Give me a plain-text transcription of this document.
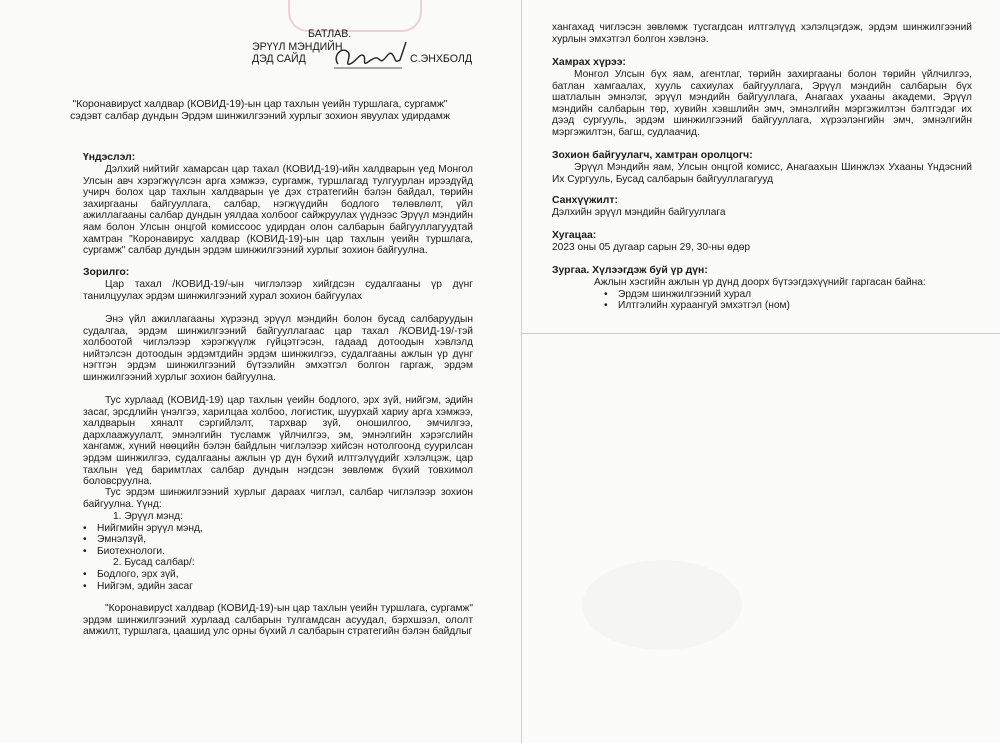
БАТЛАВ.
ЭРҮҮЛ МЭНДИЙН
ДЭД САЙД	С.ЭНХБОЛД
"Коронавирусt халдвар (КОВИД-19)-ын цар тахлын үеийн туршлага, сургамж"
сэдэвт салбар дундын Эрдэм шинжилгээний хурлыг зохион явуулах удирдамж

Үндэслэл:

Дэлхий нийтийг хамарсан цар тахал (КОВИД-19)-ийн халдварын үед Монгол Улсын авч хэрэгжүүлсэн арга хэмжээ, сургамж, туршлагад тулгуурлан ирээдүйд учирч болох цар тахлын халдварын үе дэх стратегийн бэлэн байдал, төрийн захиргааны байгууллага, салбар, нэгжүүдийн бодлого төлөвлөлт, үйл ажиллагааны салбар дундын уялдаа холбоог сайжруулах үүднээс Эрүүл мэндийн яам болон Улсын онцгой комиссоос удирдан олон салбарын байгууллагуудтай хамтран "Коронавирус халдвар (КОВИД-19)-ын цар тахлын үеийн туршлага, сургамж" салбар дундын эрдэм шинжилгээний хурлыг зохион байгуулна.

Зорилго:

Цар тахал /КОВИД-19/-ын чиглэлээр хийгдсэн судалгааны үр дүнг танилцуулах эрдэм шинжилгээний хурал зохион байгуулах

Энэ үйл ажиллагааны хүрээнд эрүүл мэндийн болон бусад салбаруудын судалгаа, эрдэм шинжилгээний байгууллагаас цар тахал /КОВИД-19/-тэй холбоотой чиглэлээр хэрэгжүүлж гүйцэтгэсэн, гадаад дотоодын хэвлэлд нийтэлсэн дотоодын эрдэмтдийн эрдэм шинжилгээ, судалгааны ажлын үр дүнг нэгтгэн эрдэм шинжилгээний бүтээлийн эмхэтгэл болгон гаргаж, эрдэм шинжилгээний хурлыг зохион байгуулна.

Тус хурлаад (КОВИД-19) цар тахлын үеийн бодлого, эрх зүй, нийгэм, эдийн засаг, эрсдлийн үнэлгээ, харилцаа холбоо, логистик, шуурхай хариу арга хэмжээ, халдварын хяналт сэргийлэлт, тархвар зүй, оношилгоо, эмчилгээ, дархлаажуулалт, эмнэлгийн тусламж үйлчилгээ, эм, эмнэлгийн хэрэгслийн хангамж, хүний нөөцийн бэлэн байдлын чиглэлээр хийсэн нотолгоонд суурилсан эрдэм шинжилгээ, судалгааны ажлын үр дүн бүхий илтгэлүүдийг хэлэлцэж, цар тахлын үед баримтлах салбар дундын нэгдсэн зөвлөмж бүхий товхимол боловсруулна.

Тус эрдэм шинжилгээний хурлыг дараах чиглэл, салбар чиглэлээр зохион байгуулна. Үүнд:

1. Эрүүл мэнд:
• Нийгмийн эрүүл мэнд,
• Эмнэлзүй,
• Биотехнологи.
2. Бусад салбар/:
• Бодлого, эрх зүй,
• Нийгэм, эдийн засаг

"Коронавирусt халдвар (КОВИД-19)-ын цар тахлын үеийн туршлага, сургамж" эрдэм шинжилгээний хурлаад салбарын тулгамдсан асуудал, бэрхшээл, ололт амжилт, туршлага, цаашид улс орны бүхий л салбарын стратегийн бэлэн байдлыг

хангахад чиглэсэн зөвлөмж тусгагдсан илтгэлүүд хэлэлцэгдэж, эрдэм шинжилгээний хурлын эмхэтгэл болгон хэвлэнэ.

Хамрах хүрээ:

Монгол Улсын бүх яам, агентлаг, төрийн захиргааны болон төрийн үйлчилгээ, батлан хамгаалах, хууль сахиулах байгууллага, Эрүүл мэндийн салбарын бүх шатлалын эмнэлэг, эрүүл мэндийн байгууллага, Анагаах ухааны академи, Эрүүл мэндийн салбарын төр, хувийн хэвшлийн эмч, эмнэлгийн мэргэжилтэн бэлтгэдэг их дээд сургууль, эрдэм шинжилгээний байгууллага, хүрээлэнгийн эмч, эмнэлгийн мэргэжилтэн, багш, судлаачид.

Зохион байгуулагч, хамтран оролцогч:

Эрүүл Мэндийн яам, Улсын онцгой комисс, Анагаахын Шинжлэх Ухааны Үндэсний Их Сургууль, Бусад салбарын байгууллагагууд

Санхүүжилт:

Дэлхийн эрүүл мэндийн байгууллага

Хугацаа:

2023 оны 05 дугаар сарын 29, 30-ны өдөр

Зургаа. Хүлээгдэж буй үр дүн:

Ажлын хэсгийн ажлын үр дүнд доорх бүтээгдэхүүнийг гаргасан байна:

• Эрдэм шинжилгээний хурал
• Илтгэлийн хураангуй эмхэтгэл (ном)
